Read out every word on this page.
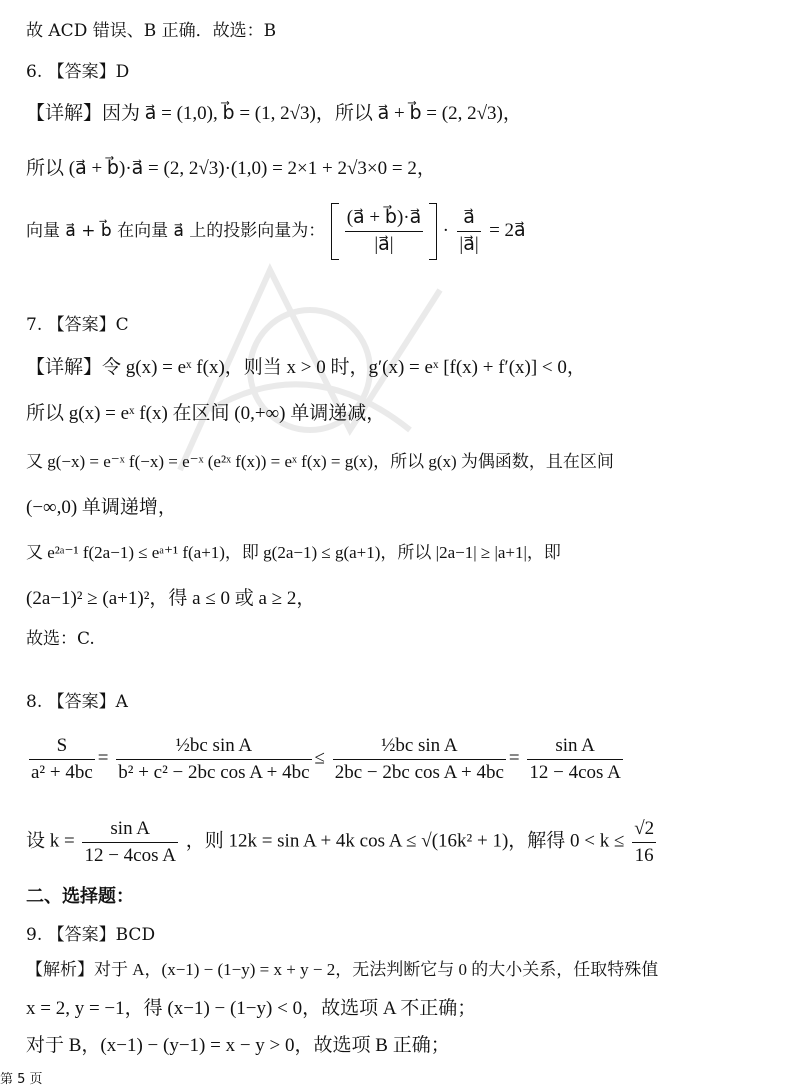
故 ACD 错误、B 正确．故选：B
6. 【答案】D
【详解】因为 a⃗ = (1,0), b⃗ = (1, 2√3)，所以 a⃗ + b⃗ = (2, 2√3)，
所以 (a⃗ + b⃗)·a⃗ = (2, 2√3)·(1,0) = 2×1 + 2√3×0 = 2，
向量 a⃗ + b⃗ 在向量 a⃗ 上的投影向量为： $\frac{(a⃗ + b⃗)\cdot a⃗}{|a⃗|} \cdot \frac{a⃗}{|a⃗|}$ = 2a⃗
7. 【答案】C
【详解】令 g(x) = eˣ f(x)，则当 x > 0 时，g′(x) = eˣ [f(x) + f′(x)] < 0，
所以 g(x) = eˣ f(x) 在区间 (0,+∞) 单调递减，
又 g(−x) = e⁻ˣ f(−x) = e⁻ˣ (e²ˣ f(x)) = eˣ f(x) = g(x)，所以 g(x) 为偶函数，且在区间
(−∞,0) 单调递增，
又 e²ᵃ⁻¹ f(2a−1) ≤ eᵃ⁺¹ f(a+1)，即 g(2a−1) ≤ g(a+1)，所以 |2a−1| ≥ |a+1|，即
(2a−1)² ≥ (a+1)²，得 a ≤ 0 或 a ≥ 2，
故选：C.
8. 【答案】A
$\frac{S}{\text{a² + 4bc}} = \frac{\text{½bc sin A}}{\text{b² + c² − 2bc cos A + 4bc}} \le \frac{\text{½bc sin A}}{\text{2bc − 2bc cos A + 4bc}} = \frac{\text{sin A}}{\text{12 − 4cos A}}$
设 $k = \frac{\text{sin A}}{\text{12 − 4cos A}}$ ，则 12k = sin A + 4k cos A ≤ √(16k² + 1)，解得 $0 < k \le \frac{√2}{16}$
二、选择题：
9. 【答案】BCD
【解析】对于 A，(x−1) − (1−y) = x + y − 2，无法判断它与 0 的大小关系，任取特殊值
x = 2, y = −1，得 (x−1) − (1−y) < 0，故选项 A 不正确；
对于 B，(x−1) − (y−1) = x − y > 0，故选项 B 正确；
第 5 页
